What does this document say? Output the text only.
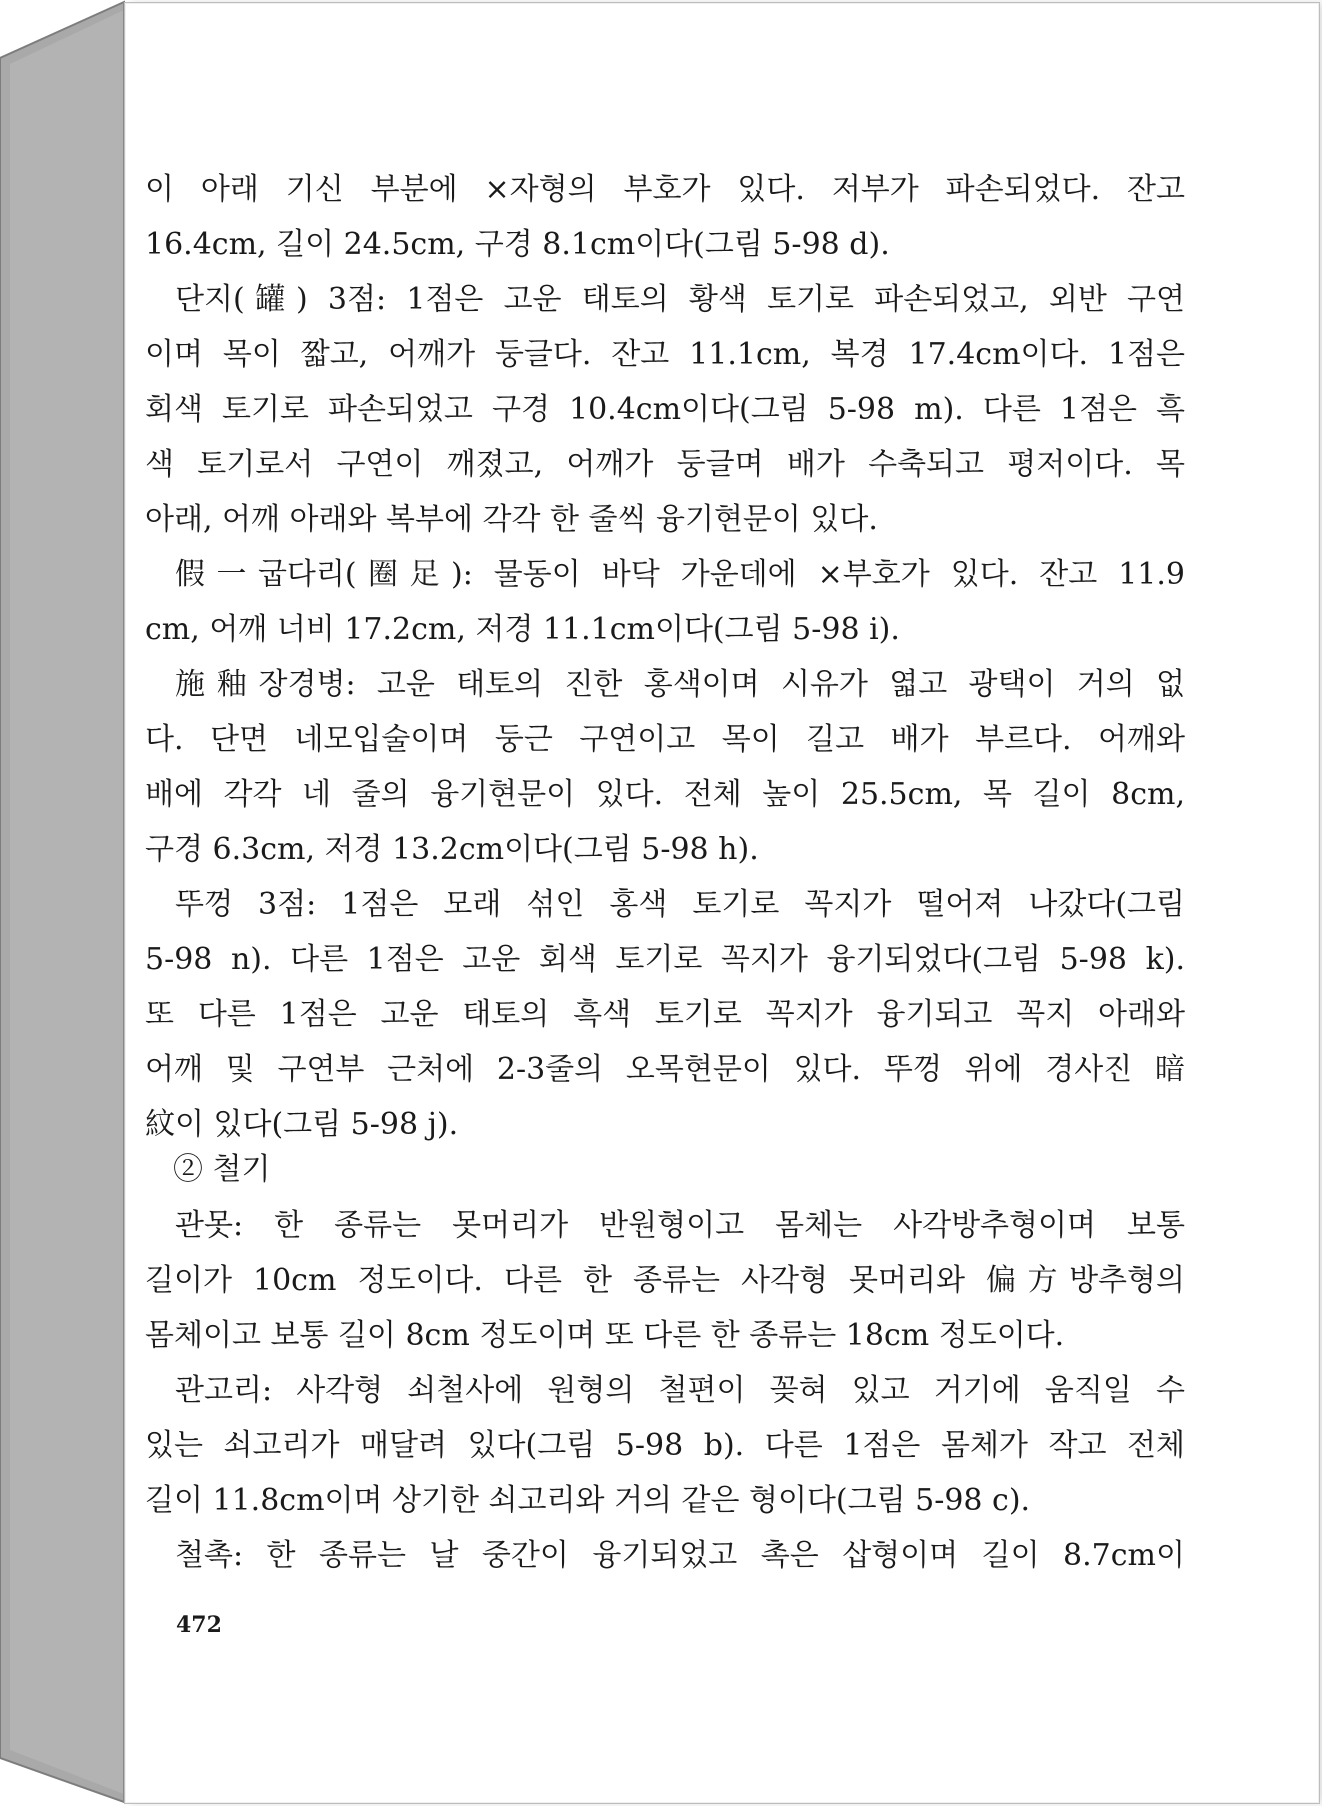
이 아래 기신 부분에 ×자형의 부호가 있다. 저부가 파손되었다. 잔고
16.4cm, 길이 24.5cm, 구경 8.1cm이다(그림 5-98 d).
단지(罐) 3점: 1점은 고운 태토의 황색 토기로 파손되었고, 외반 구연
이며 목이 짧고, 어깨가 둥글다. 잔고 11.1cm, 복경 17.4cm이다. 1점은
회색 토기로 파손되었고 구경 10.4cm이다(그림 5-98 m). 다른 1점은 흑
색 토기로서 구연이 깨졌고, 어깨가 둥글며 배가 수축되고 평저이다. 목
아래, 어깨 아래와 복부에 각각 한 줄씩 융기현문이 있다.
假一굽다리(圈足): 물동이 바닥 가운데에 ×부호가 있다. 잔고 11.9
cm, 어깨 너비 17.2cm, 저경 11.1cm이다(그림 5-98 i).
施釉장경병: 고운 태토의 진한 홍색이며 시유가 엷고 광택이 거의 없
다. 단면 네모입술이며 둥근 구연이고 목이 길고 배가 부르다. 어깨와
배에 각각 네 줄의 융기현문이 있다. 전체 높이 25.5cm, 목 길이 8cm,
구경 6.3cm, 저경 13.2cm이다(그림 5-98 h).
뚜껑 3점: 1점은 모래 섞인 홍색 토기로 꼭지가 떨어져 나갔다(그림
5-98 n). 다른 1점은 고운 회색 토기로 꼭지가 융기되었다(그림 5-98 k).
또 다른 1점은 고운 태토의 흑색 토기로 꼭지가 융기되고 꼭지 아래와
어깨 및 구연부 근처에 2-3줄의 오목현문이 있다. 뚜껑 위에 경사진 暗
紋이 있다(그림 5-98 j).
② 철기
관못: 한 종류는 못머리가 반원형이고 몸체는 사각방추형이며 보통
길이가 10cm 정도이다. 다른 한 종류는 사각형 못머리와 偏方방추형의
몸체이고 보통 길이 8cm 정도이며 또 다른 한 종류는 18cm 정도이다.
관고리: 사각형 쇠철사에 원형의 철편이 꽂혀 있고 거기에 움직일 수
있는 쇠고리가 매달려 있다(그림 5-98 b). 다른 1점은 몸체가 작고 전체
길이 11.8cm이며 상기한 쇠고리와 거의 같은 형이다(그림 5-98 c).
철촉: 한 종류는 날 중간이 융기되었고 촉은 삽형이며 길이 8.7cm이
472
